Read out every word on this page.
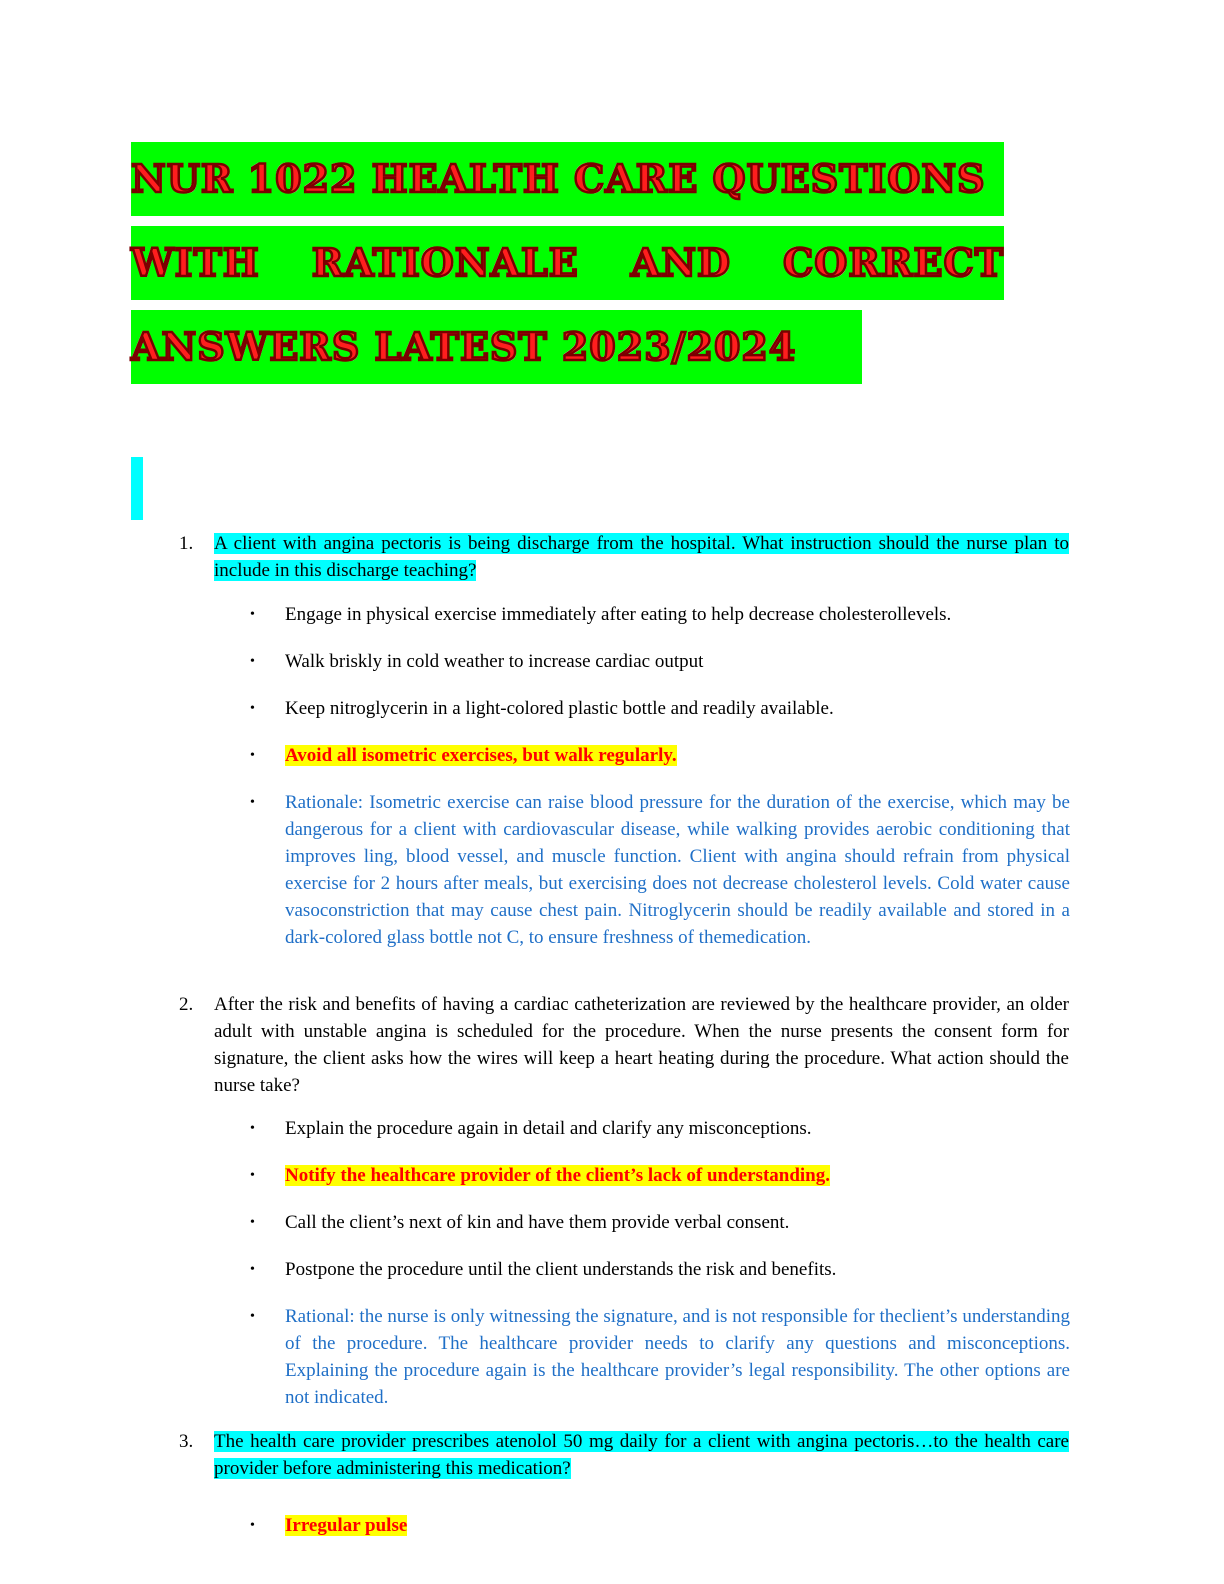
NUR 1022 HEALTH CARE QUESTIONS
WITH RATIONALE AND CORRECT
ANSWERS LATEST 2023/2024
1. A client with angina pectoris is being discharge from the hospital. What instruction should the nurse plan to include in this discharge teaching?
• Engage in physical exercise immediately after eating to help decrease cholesterollevels.
• Walk briskly in cold weather to increase cardiac output
• Keep nitroglycerin in a light-colored plastic bottle and readily available.
• Avoid all isometric exercises, but walk regularly.
• Rationale: Isometric exercise can raise blood pressure for the duration of the exercise, which may be dangerous for a client with cardiovascular disease, while walking provides aerobic conditioning that improves ling, blood vessel, and muscle function. Client with angina should refrain from physical exercise for 2 hours after meals, but exercising does not decrease cholesterol levels. Cold water cause vasoconstriction that may cause chest pain. Nitroglycerin should be readily available and stored in a dark-colored glass bottle not C, to ensure freshness of themedication.
2. After the risk and benefits of having a cardiac catheterization are reviewed by the healthcare provider, an older adult with unstable angina is scheduled for the procedure. When the nurse presents the consent form for signature, the client asks how the wires will keep a heart heating during the procedure. What action should the nurse take?
• Explain the procedure again in detail and clarify any misconceptions.
• Notify the healthcare provider of the client’s lack of understanding.
• Call the client’s next of kin and have them provide verbal consent.
• Postpone the procedure until the client understands the risk and benefits.
• Rational: the nurse is only witnessing the signature, and is not responsible for theclient’s understanding of the procedure. The healthcare provider needs to clarify any questions and misconceptions. Explaining the procedure again is the healthcare provider’s legal responsibility. The other options are not indicated.
3. The health care provider prescribes atenolol 50 mg daily for a client with angina pectoris…to the health care provider before administering this medication?
• Irregular pulse
